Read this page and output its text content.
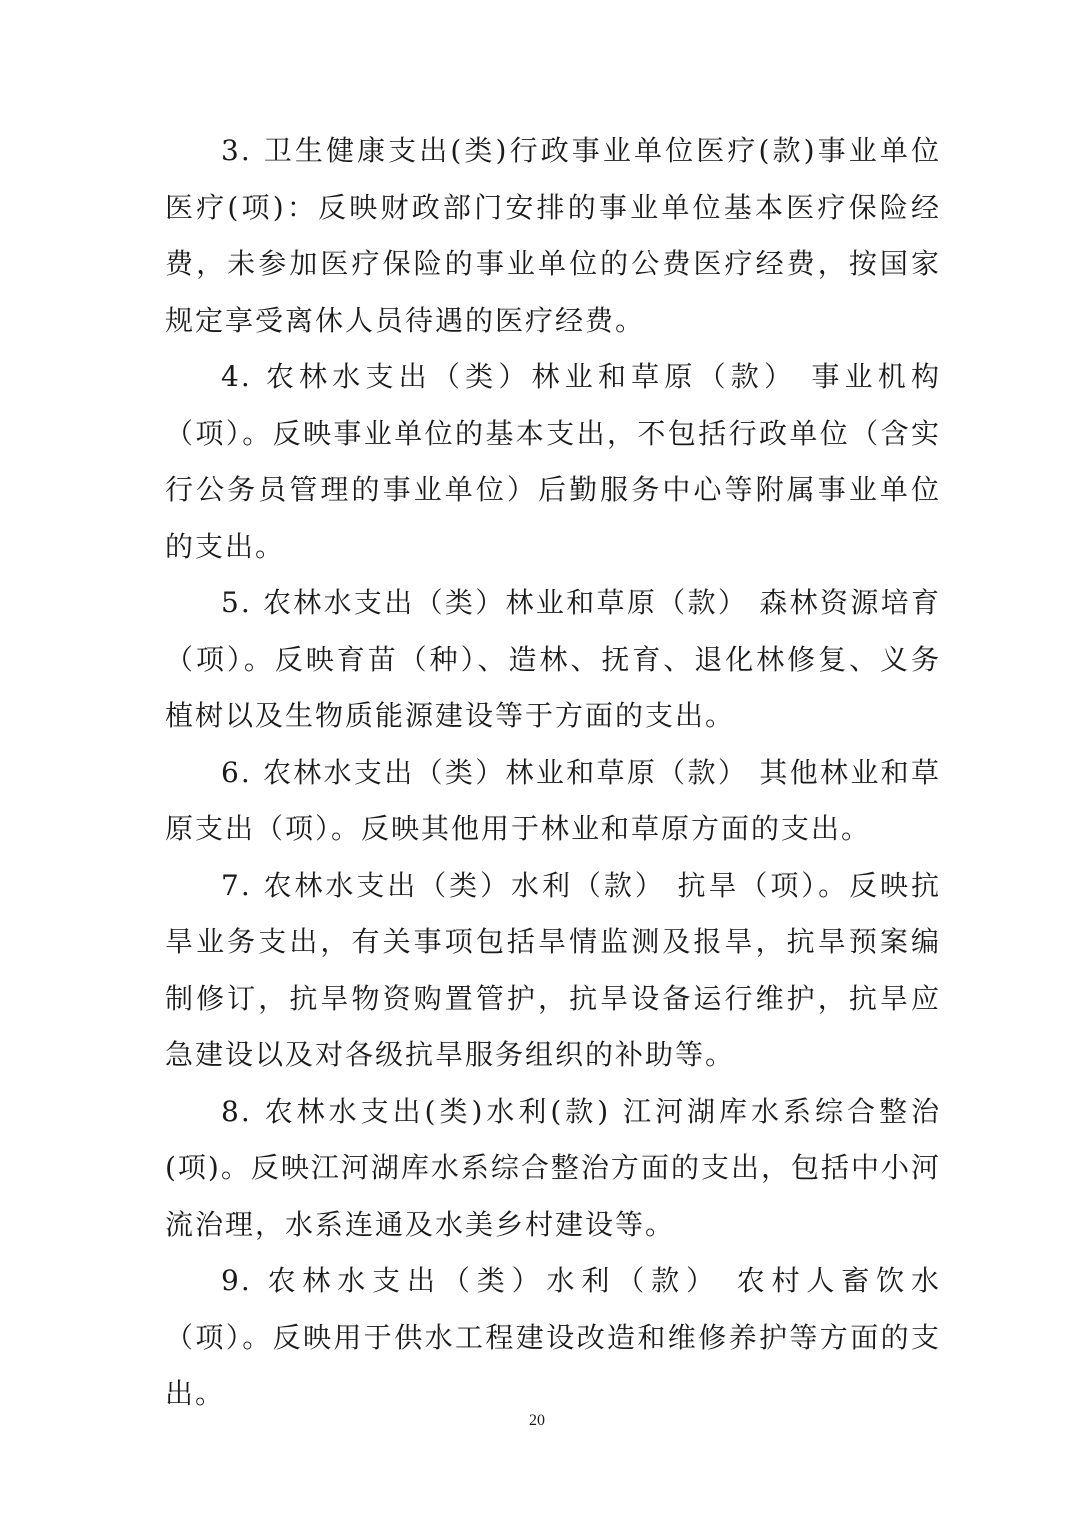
3. 卫生健康支出(类)行政事业单位医疗(款)事业单位医疗(项)：反映财政部门安排的事业单位基本医疗保险经费，未参加医疗保险的事业单位的公费医疗经费，按国家规定享受离休人员待遇的医疗经费。

4. 农林水支出（类）林业和草原（款） 事业机构（项）。反映事业单位的基本支出，不包括行政单位（含实行公务员管理的事业单位）后勤服务中心等附属事业单位的支出。

5. 农林水支出（类）林业和草原（款） 森林资源培育（项）。反映育苗（种）、造林、抚育、退化林修复、义务植树以及生物质能源建设等于方面的支出。

6. 农林水支出（类）林业和草原（款） 其他林业和草原支出（项）。反映其他用于林业和草原方面的支出。

7. 农林水支出（类）水利（款） 抗旱（项）。反映抗旱业务支出，有关事项包括旱情监测及报旱，抗旱预案编制修订，抗旱物资购置管护，抗旱设备运行维护，抗旱应急建设以及对各级抗旱服务组织的补助等。

8. 农林水支出(类)水利(款) 江河湖库水系综合整治(项)。反映江河湖库水系综合整治方面的支出，包括中小河流治理，水系连通及水美乡村建设等。

9. 农林水支出（类）水利（款） 农村人畜饮水（项）。反映用于供水工程建设改造和维修养护等方面的支出。

20
